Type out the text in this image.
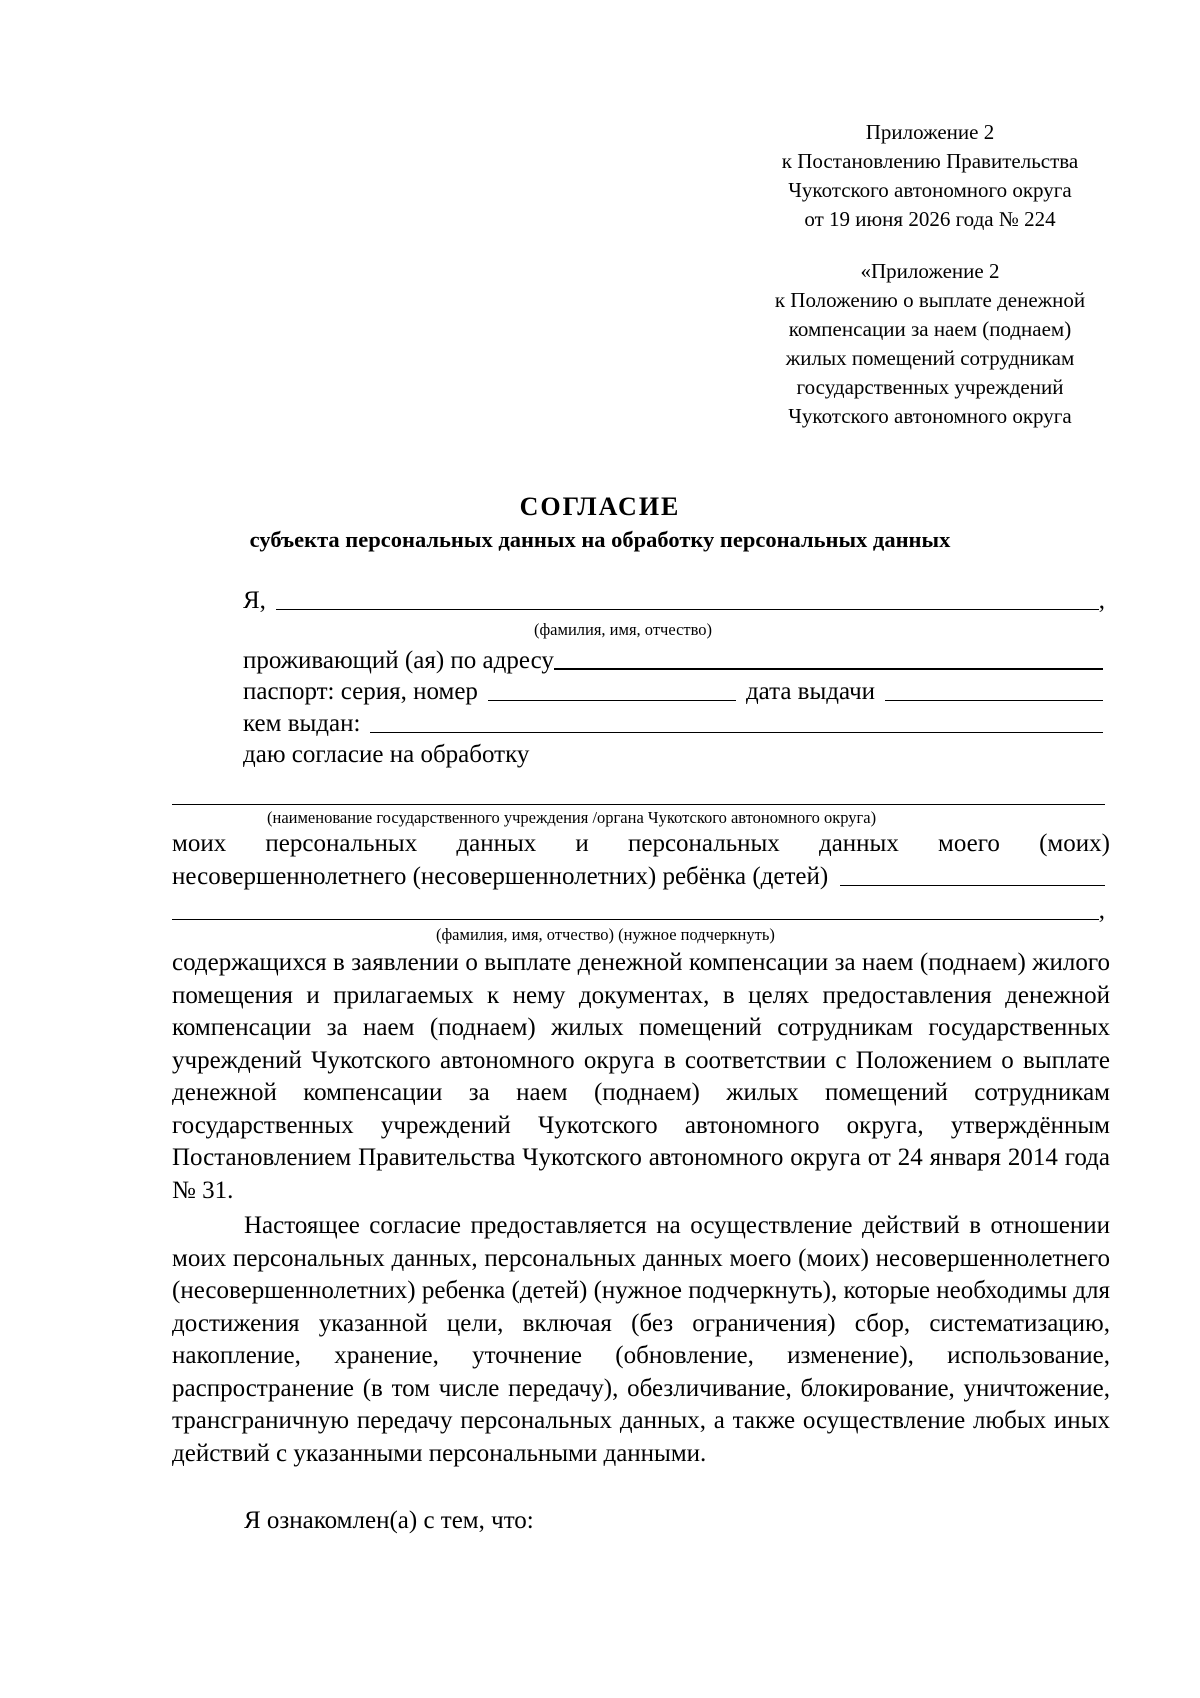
Приложение 2
к Постановлению Правительства
Чукотского автономного округа
от 19 июня 2026 года № 224
«Приложение 2
к Положению о выплате денежной
компенсации за наем (поднаем)
жилых помещений сотрудникам
государственных учреждений
Чукотского автономного округа
СОГЛАСИЕ
субъекта персональных данных на обработку персональных данных
Я,	,
(фамилия, имя, отчество)
проживающий (ая) по адресу
паспорт: серия, номер	дата выдачи
кем выдан:
даю согласие на обработку
(наименование государственного учреждения /органа Чукотского автономного округа)
моих персональных данных и персональных данных моего (моих)
несовершеннолетнего (несовершеннолетних) ребёнка (детей)
,
(фамилия, имя, отчество) (нужное подчеркнуть)
содержащихся в заявлении о выплате денежной компенсации за наем (поднаем) жилого помещения и прилагаемых к нему документах, в целях предоставления денежной компенсации за наем (поднаем) жилых помещений сотрудникам государственных учреждений Чукотского автономного округа в соответствии с Положением о выплате денежной компенсации за наем (поднаем) жилых помещений сотрудникам государственных учреждений Чукотского автономного округа, утверждённым Постановлением Правительства Чукотского автономного округа от 24 января 2014 года № 31.
Настоящее согласие предоставляется на осуществление действий в отношении моих персональных данных, персональных данных моего (моих) несовершеннолетнего (несовершеннолетних) ребенка (детей) (нужное подчеркнуть), которые необходимы для достижения указанной цели, включая (без ограничения) сбор, систематизацию, накопление, хранение, уточнение (обновление, изменение), использование, распространение (в том числе передачу), обезличивание, блокирование, уничтожение, трансграничную передачу персональных данных, а также осуществление любых иных действий с указанными персональными данными.
Я ознакомлен(а) с тем, что:
